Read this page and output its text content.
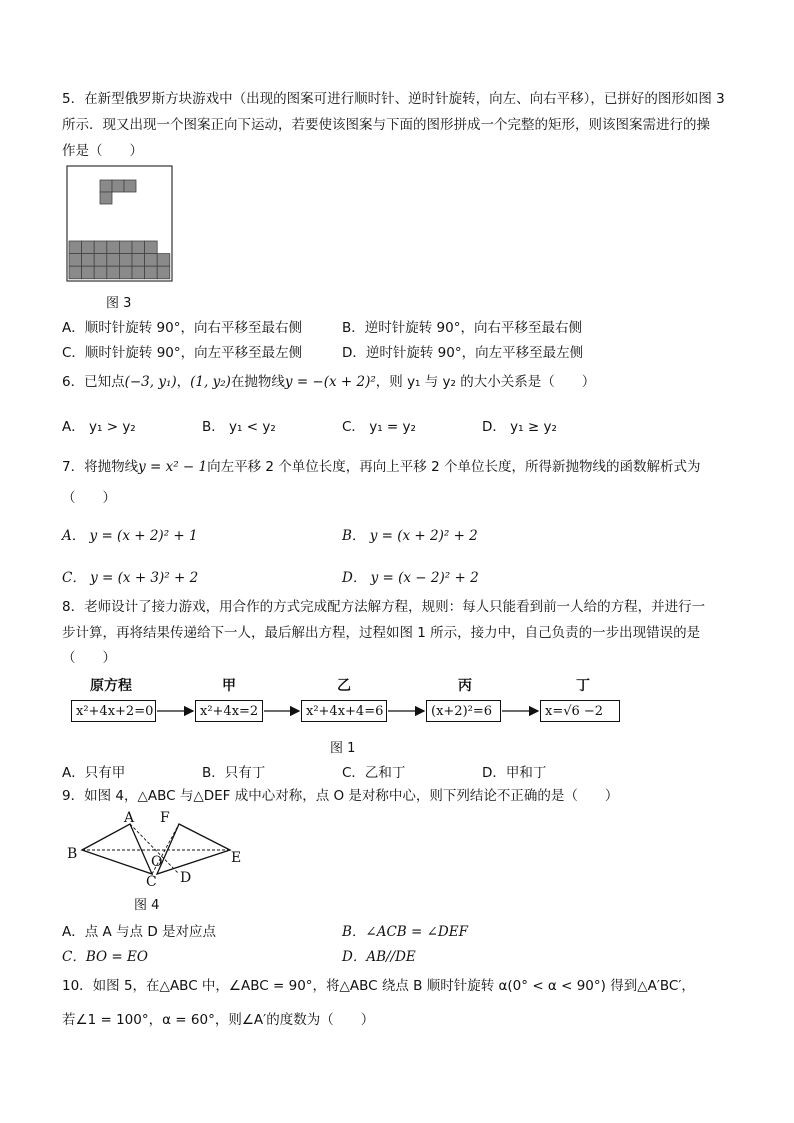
5．在新型俄罗斯方块游戏中（出现的图案可进行顺时针、逆时针旋转，向左、向右平移），已拼好的图形如图 3
所示．现又出现一个图案正向下运动，若要使该图案与下面的图形拼成一个完整的矩形，则该图案需进行的操
作是（　　）
图 3
A．顺时针旋转 90°，向右平移至最右侧	B．逆时针旋转 90°，向右平移至最右侧
C．顺时针旋转 90°，向左平移至最左侧	D．逆时针旋转 90°，向左平移至最左侧
6．已知点(−3, y₁)，(1, y₂)在抛物线y = −(x + 2)²，则 y₁ 与 y₂ 的大小关系是（　　）
A． y₁ > y₂	B． y₁ < y₂	C． y₁ = y₂	D． y₁ ≥ y₂
7．将抛物线y = x² − 1向左平移 2 个单位长度，再向上平移 2 个单位长度，所得新抛物线的函数解析式为
（　　）
A． y = (x + 2)² + 1	B． y = (x + 2)² + 2
C． y = (x + 3)² + 2	D． y = (x − 2)² + 2
8．老师设计了接力游戏，用合作的方式完成配方法解方程，规则：每人只能看到前一人给的方程，并进行一
步计算，再将结果传递给下一人，最后解出方程，过程如图 1 所示，接力中，自己负责的一步出现错误的是
（　　）
原方程	甲	乙	丙	丁
x²+4x+2=0	x²+4x=2	x²+4x+4=6	(x+2)²=6	x=√6 −2
图 1
A．只有甲	B．只有丁	C．乙和丁	D．甲和丁
9．如图 4，△ABC 与△DEF 成中心对称，点 O 是对称中心，则下列结论不正确的是（　　）
A
B
C
O
F
D
E
图 4
A．点 A 与点 D 是对应点	B．∠ACB = ∠DEF
C．BO = EO	D．AB//DE
10．如图 5，在△ABC 中，∠ABC = 90°，将△ABC 绕点 B 顺时针旋转 α(0° < α < 90°) 得到△A′BC′，
若∠1 = 100°，α = 60°，则∠A′的度数为（　　）
